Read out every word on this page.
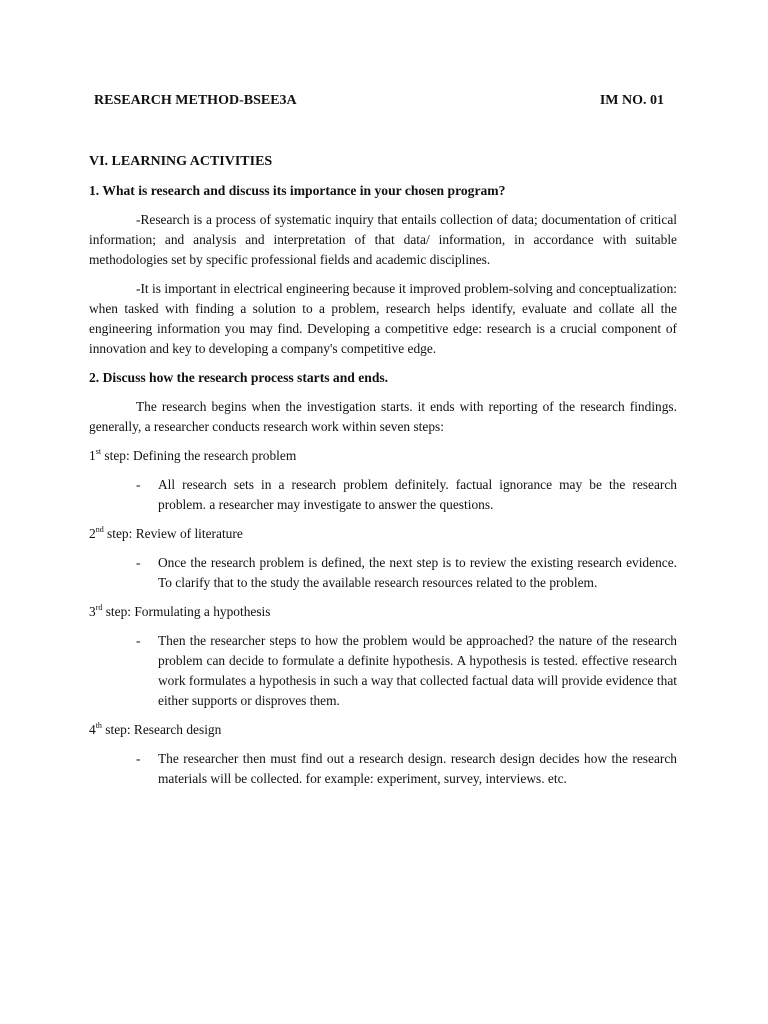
RESEARCH METHOD-BSEE3A	IM NO. 01
VI. LEARNING ACTIVITIES
1. What is research and discuss its importance in your chosen program?

-Research is a process of systematic inquiry that entails collection of data; documentation of critical information; and analysis and interpretation of that data/ information, in accordance with suitable methodologies set by specific professional fields and academic disciplines.

-It is important in electrical engineering because it improved problem-solving and conceptualization: when tasked with finding a solution to a problem, research helps identify, evaluate and collate all the engineering information you may find. Developing a competitive edge: research is a crucial component of innovation and key to developing a company's competitive edge.

2. Discuss how the research process starts and ends.

The research begins when the investigation starts. it ends with reporting of the research findings. generally, a researcher conducts research work within seven steps:

1st step: Defining the research problem
-	All research sets in a research problem definitely. factual ignorance may be the research problem. a researcher may investigate to answer the questions.
2nd step: Review of literature
-	Once the research problem is defined, the next step is to review the existing research evidence. To clarify that to the study the available research resources related to the problem.
3rd step: Formulating a hypothesis
-	Then the researcher steps to how the problem would be approached? the nature of the research problem can decide to formulate a definite hypothesis. A hypothesis is tested. effective research work formulates a hypothesis in such a way that collected factual data will provide evidence that either supports or disproves them.
4th step: Research design
-	The researcher then must find out a research design. research design decides how the research materials will be collected. for example: experiment, survey, interviews. etc.
